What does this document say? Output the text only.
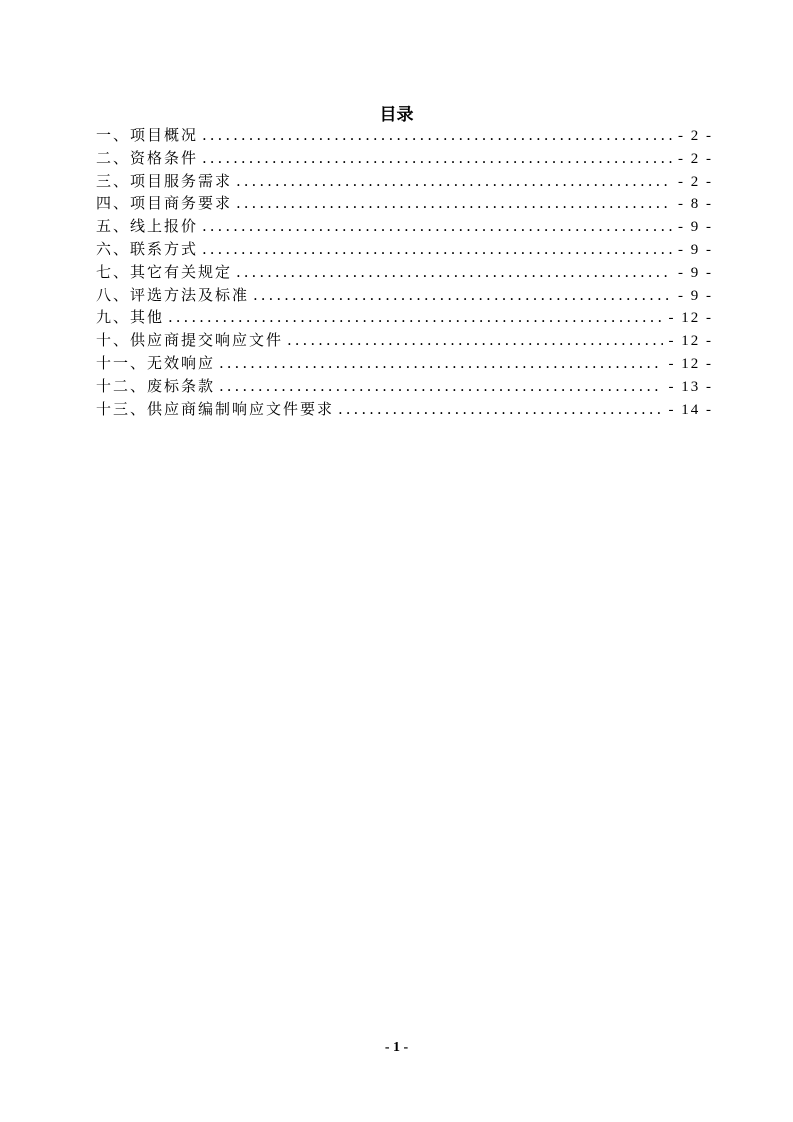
目录
一、项目概况 .....	- 2 -
二、资格条件 .....	- 2 -
三、项目服务需求 .....	- 2 -
四、项目商务要求 .....	- 8 -
五、线上报价 .....	- 9 -
六、联系方式 .....	- 9 -
七、其它有关规定 .....	- 9 -
八、评选方法及标准 .....	- 9 -
九、其他 .....	- 12 -
十、供应商提交响应文件 .....	- 12 -
十一、无效响应 .....	- 12 -
十二、废标条款 .....	- 13 -
十三、供应商编制响应文件要求 .....	- 14 -
- 1 -
